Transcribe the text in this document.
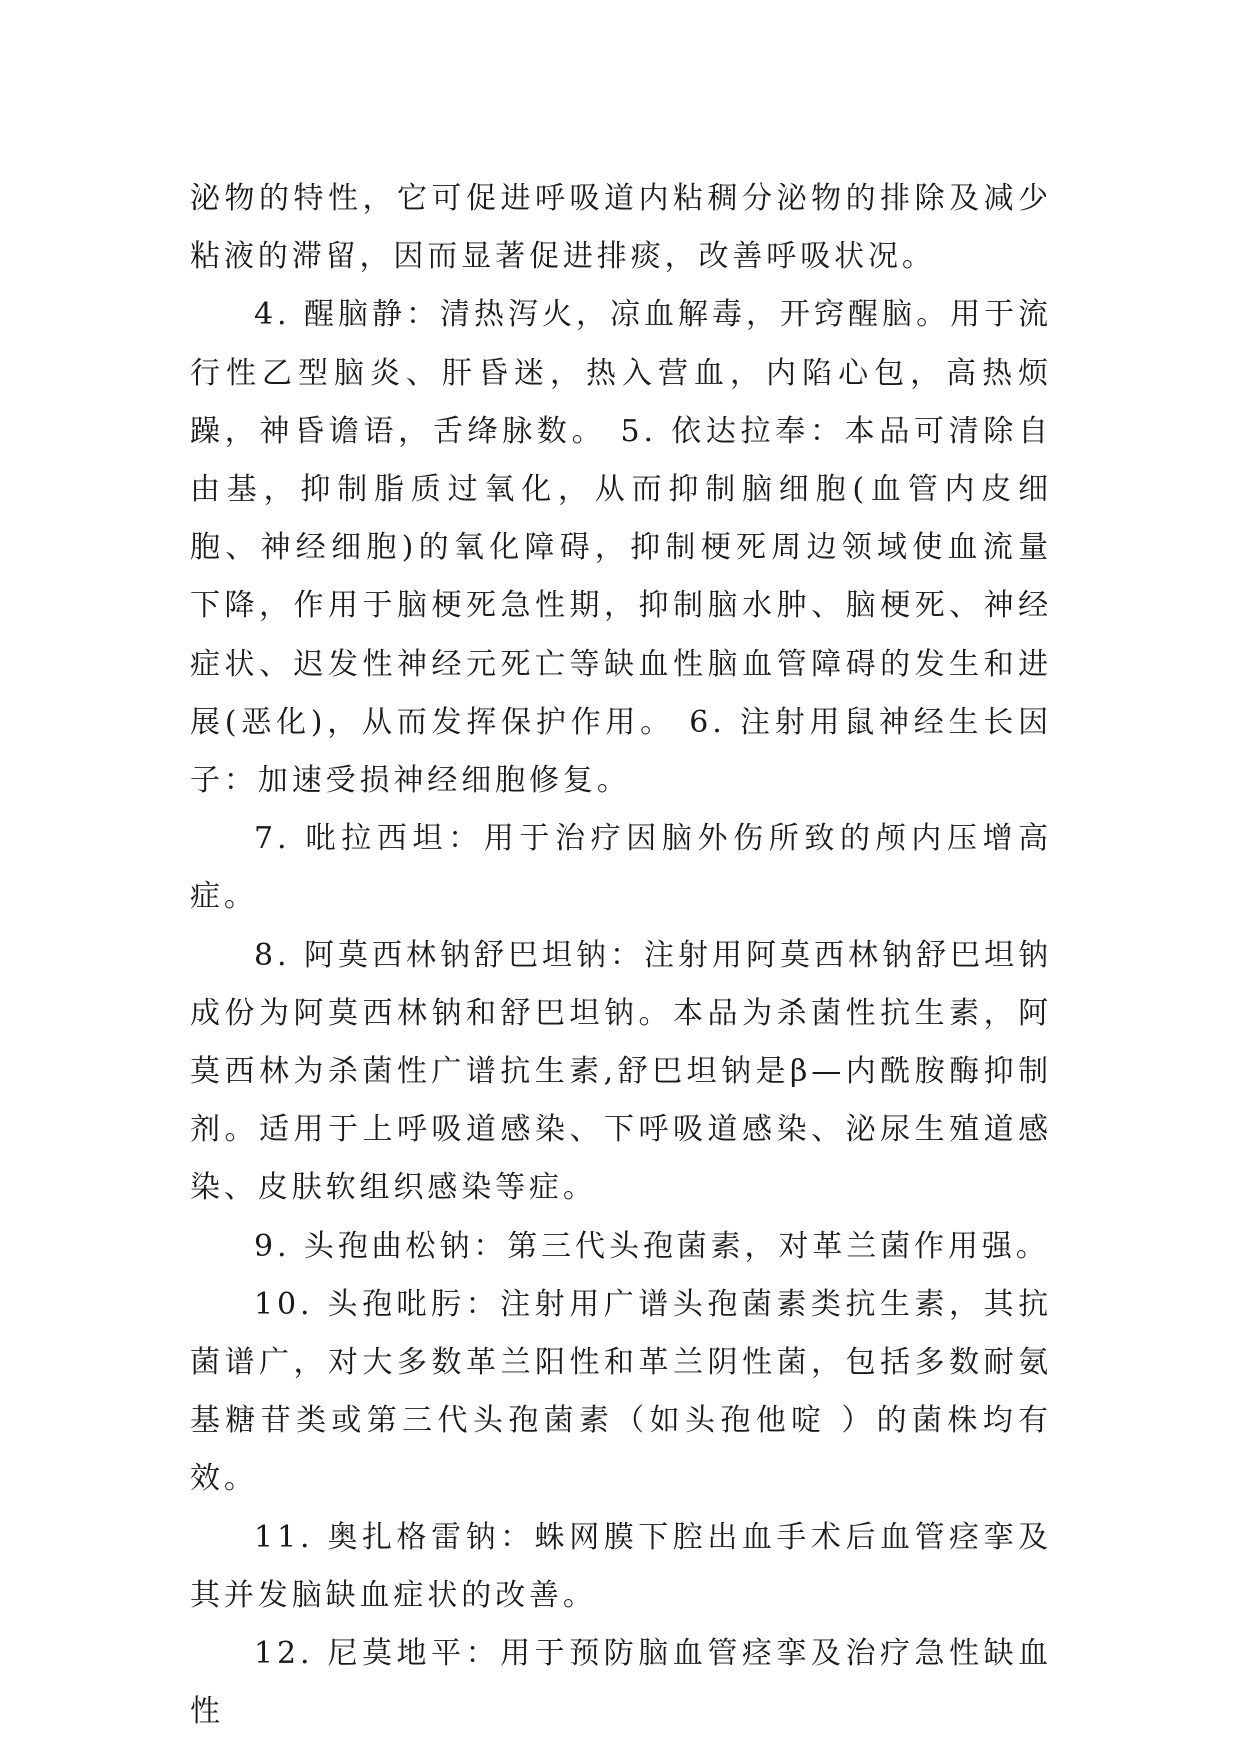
泌物的特性，它可促进呼吸道内粘稠分泌物的排除及减少粘液的滞留，因而显著促进排痰，改善呼吸状况。

4. 醒脑静：清热泻火，凉血解毒，开窍醒脑。用于流行性乙型脑炎、肝昏迷，热入营血，内陷心包，高热烦躁，神昏谵语，舌绛脉数。 5. 依达拉奉：本品可清除自由基，抑制脂质过氧化，从而抑制脑细胞(血管内皮细胞、神经细胞)的氧化障碍，抑制梗死周边领域使血流量下降，作用于脑梗死急性期，抑制脑水肿、脑梗死、神经症状、迟发性神经元死亡等缺血性脑血管障碍的发生和进展(恶化)，从而发挥保护作用。 6. 注射用鼠神经生长因子：加速受损神经细胞修复。

7. 吡拉西坦：用于治疗因脑外伤所致的颅内压增高症。

8. 阿莫西林钠舒巴坦钠：注射用阿莫西林钠舒巴坦钠成份为阿莫西林钠和舒巴坦钠。本品为杀菌性抗生素，阿莫西林为杀菌性广谱抗生素,舒巴坦钠是β—内酰胺酶抑制剂。适用于上呼吸道感染、下呼吸道感染、泌尿生殖道感染、皮肤软组织感染等症。

9. 头孢曲松钠：第三代头孢菌素，对革兰菌作用强。

10. 头孢吡肟：注射用广谱头孢菌素类抗生素，其抗菌谱广，对大多数革兰阳性和革兰阴性菌，包括多数耐氨基糖苷类或第三代头孢菌素（如头孢他啶 ）的菌株均有效。

11. 奥扎格雷钠：蛛网膜下腔出血手术后血管痉挛及其并发脑缺血症状的改善。

12. 尼莫地平：用于预防脑血管痉挛及治疗急性缺血性
